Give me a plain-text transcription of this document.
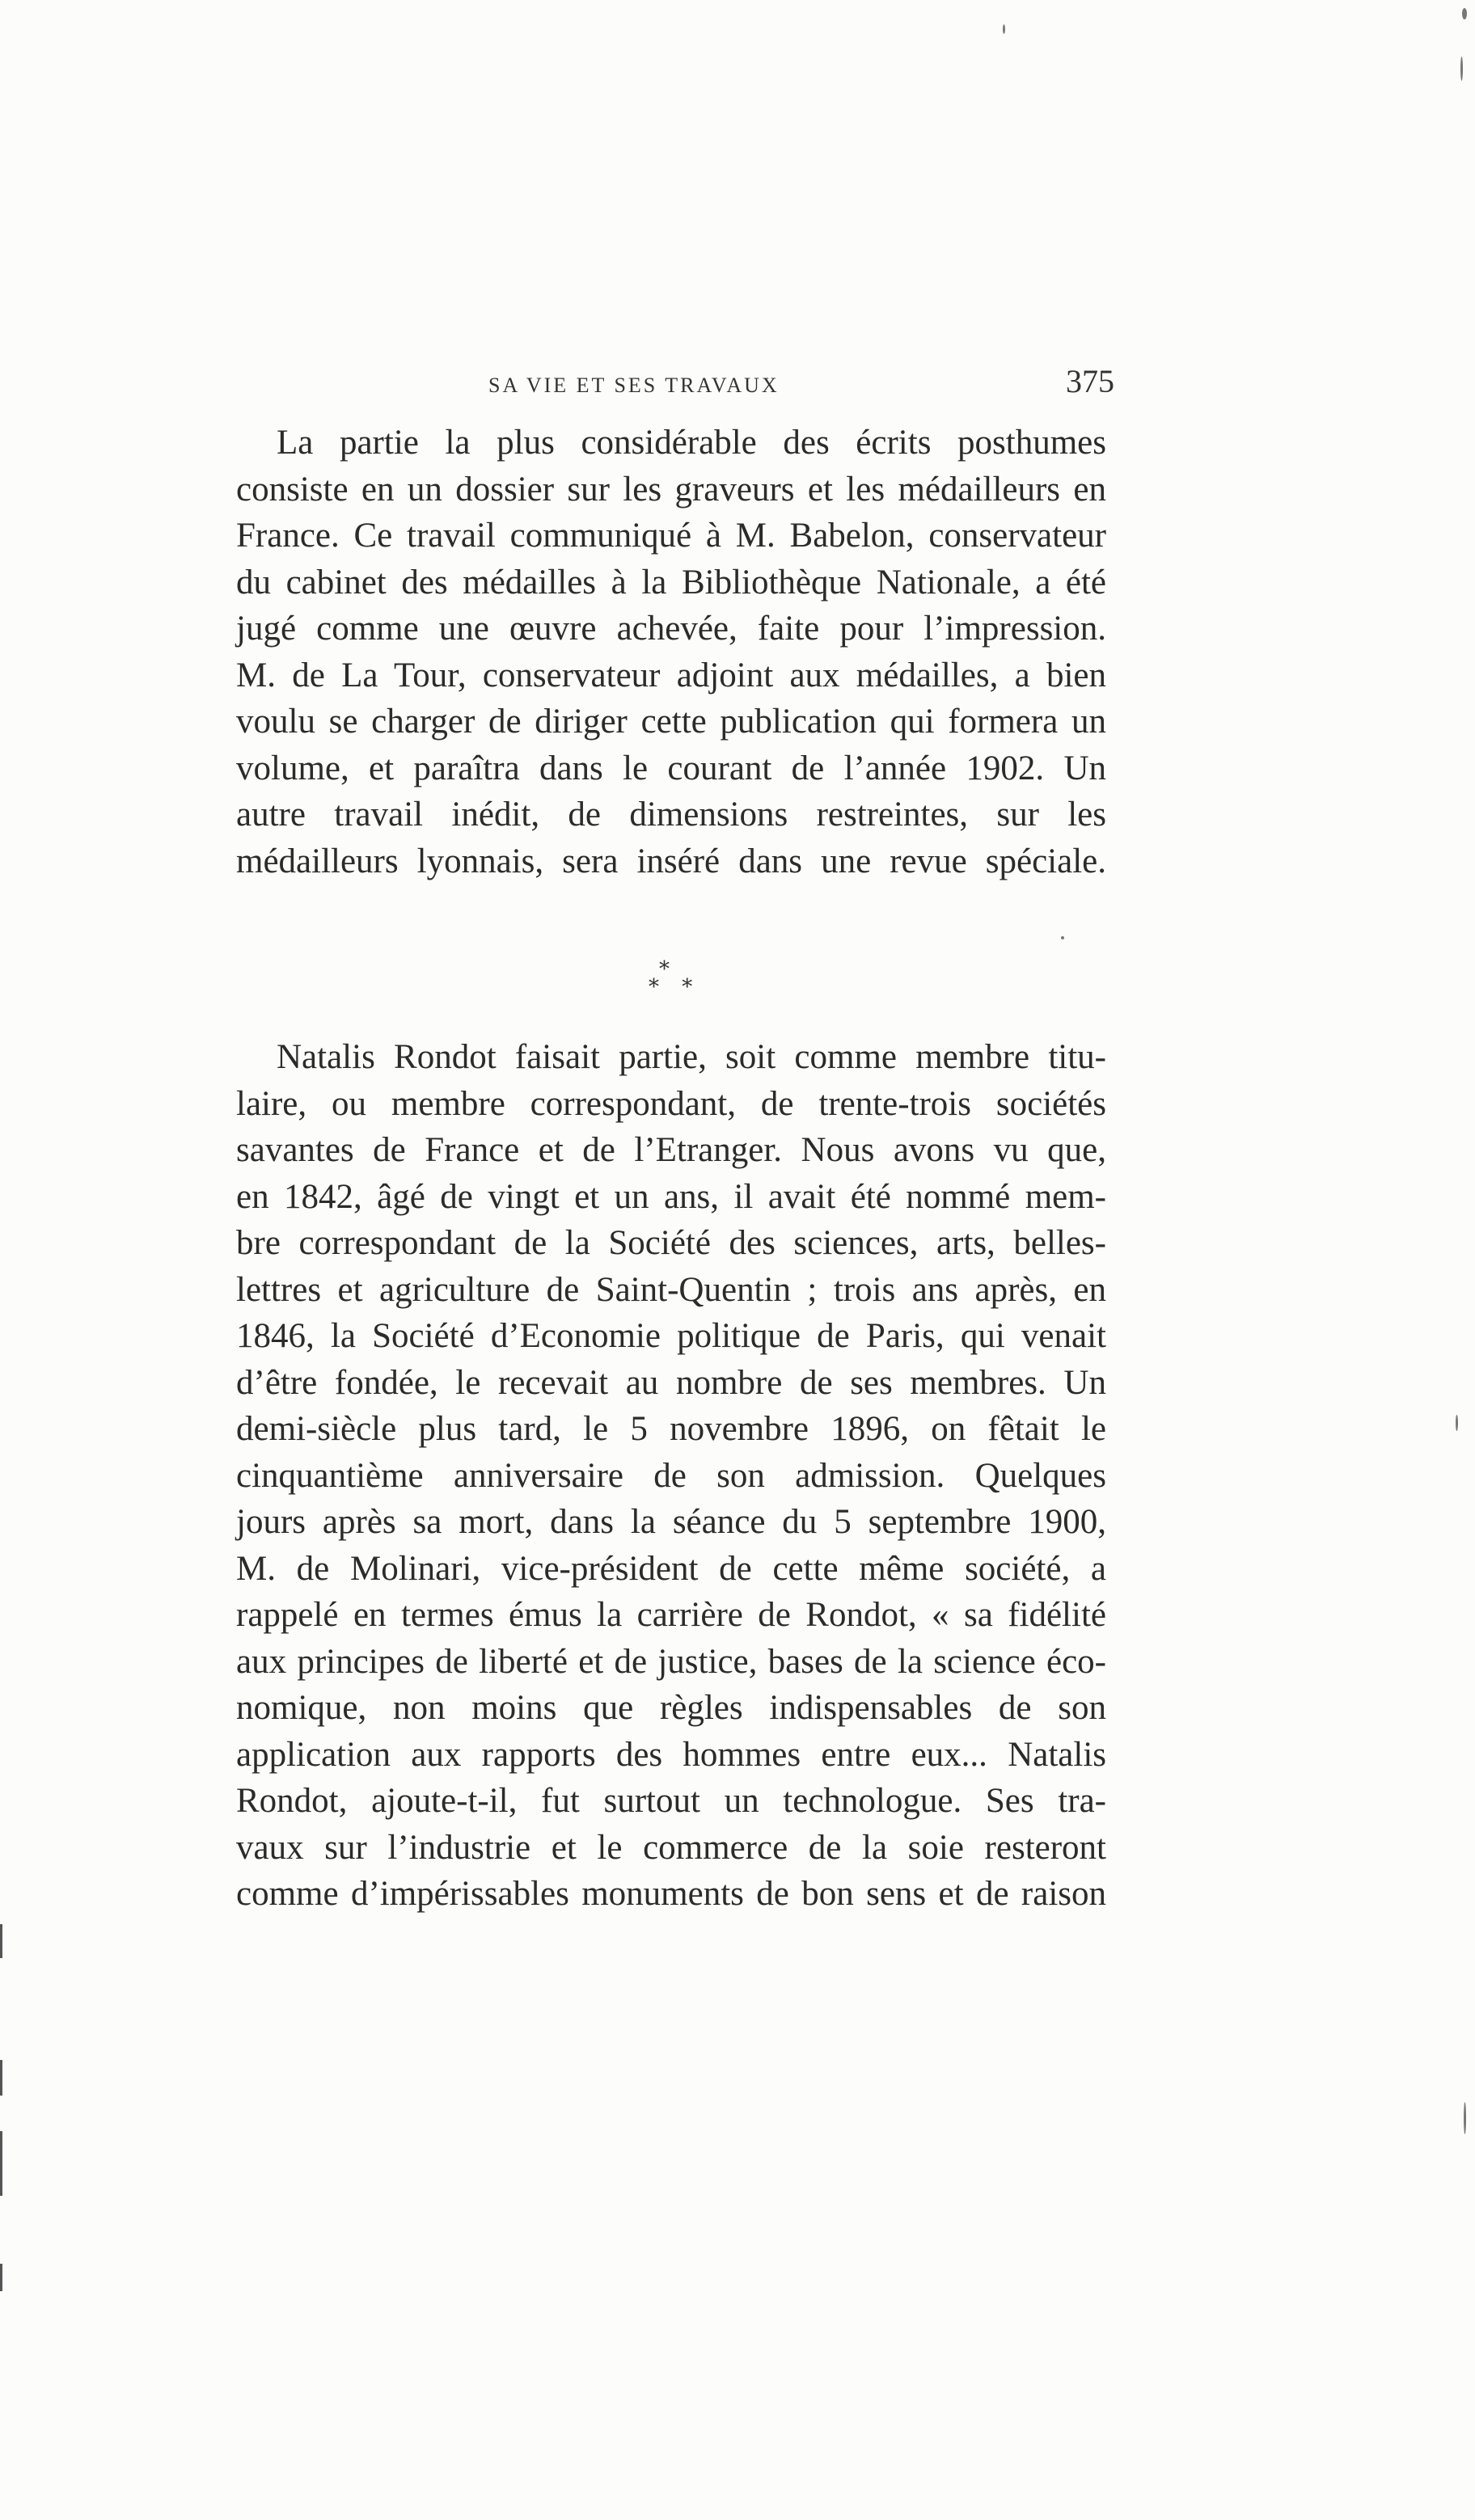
SA VIE ET SES TRAVAUX	375
La partie la plus considérable des écrits posthumes
consiste en un dossier sur les graveurs et les médailleurs en
France. Ce travail communiqué à M. Babelon, conservateur
du cabinet des médailles à la Bibliothèque Nationale, a été
jugé comme une œuvre achevée, faite pour l’impression.
M. de La Tour, conservateur adjoint aux médailles, a bien
voulu se charger de diriger cette publication qui formera un
volume, et paraîtra dans le courant de l’année 1902. Un
autre travail inédit, de dimensions restreintes, sur les
médailleurs lyonnais, sera inséré dans une revue spéciale.
*
* *
Natalis Rondot faisait partie, soit comme membre titu-
laire, ou membre correspondant, de trente-trois sociétés
savantes de France et de l’Etranger. Nous avons vu que,
en 1842, âgé de vingt et un ans, il avait été nommé mem-
bre correspondant de la Société des sciences, arts, belles-
lettres et agriculture de Saint-Quentin ; trois ans après, en
1846, la Société d’Economie politique de Paris, qui venait
d’être fondée, le recevait au nombre de ses membres. Un
demi-siècle plus tard, le 5 novembre 1896, on fêtait le
cinquantième anniversaire de son admission. Quelques
jours après sa mort, dans la séance du 5 septembre 1900,
M. de Molinari, vice-président de cette même société, a
rappelé en termes émus la carrière de Rondot, « sa fidélité
aux principes de liberté et de justice, bases de la science éco-
nomique, non moins que règles indispensables de son
application aux rapports des hommes entre eux... Natalis
Rondot, ajoute-t-il, fut surtout un technologue. Ses tra-
vaux sur l’industrie et le commerce de la soie resteront
comme d’impérissables monuments de bon sens et de raison
